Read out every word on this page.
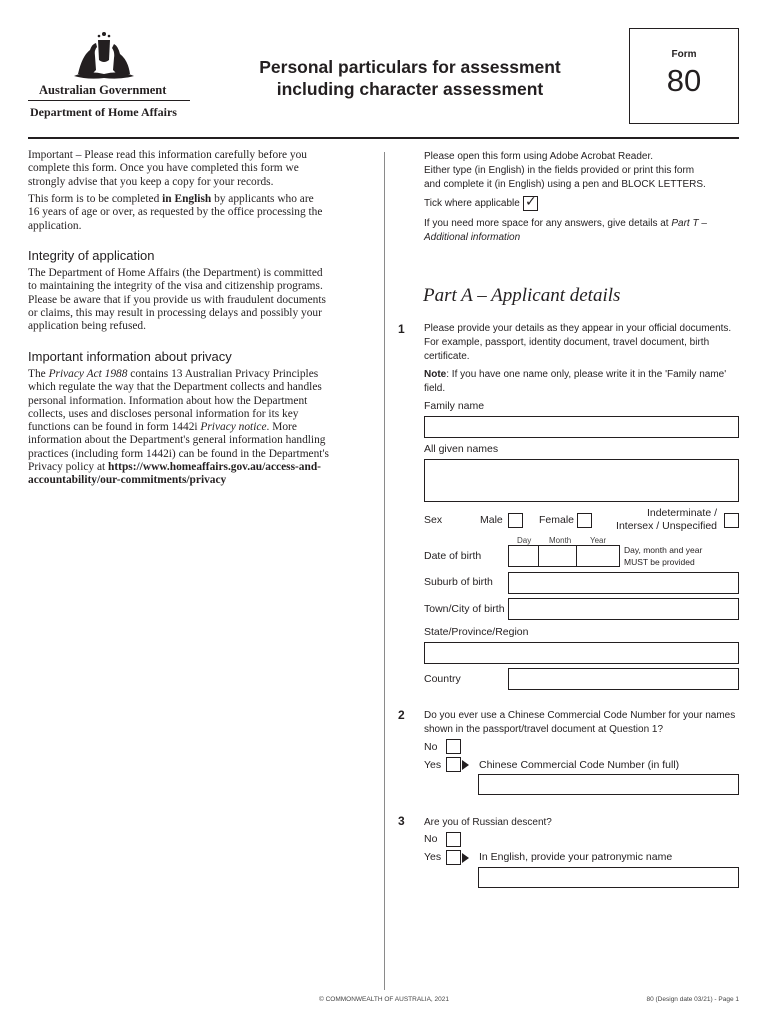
Australian Government
Department of Home Affairs
Personal particulars for assessment
including character assessment
Form
80
Important – Please read this information carefully before you
complete this form. Once you have completed this form we
strongly advise that you keep a copy for your records.
This form is to be completed in English by applicants who are
16 years of age or over, as requested by the office processing the
application.
Integrity of application
The Department of Home Affairs (the Department) is committed
to maintaining the integrity of the visa and citizenship programs.
Please be aware that if you provide us with fraudulent documents
or claims, this may result in processing delays and possibly your
application being refused.
Important information about privacy
The Privacy Act 1988 contains 13 Australian Privacy Principles
which regulate the way that the Department collects and handles
personal information. Information about how the Department
collects, uses and discloses personal information for its key
functions can be found in form 1442i Privacy notice. More
information about the Department's general information handling
practices (including form 1442i) can be found in the Department's
Privacy policy at https://www.homeaffairs.gov.au/access-and-
accountability/our-commitments/privacy
Please open this form using Adobe Acrobat Reader.
Either type (in English) in the fields provided or print this form
and complete it (in English) using a pen and BLOCK LETTERS.
Tick where applicable ✓
If you need more space for any answers, give details at Part T –
Additional information
Part A – Applicant details
1 Please provide your details as they appear in your official documents.
For example, passport, identity document, travel document, birth
certificate.
Note: If you have one name only, please write it in the 'Family name'
field.
Family name
All given names
Sex	Male	Female
Indeterminate /
Intersex / Unspecified
Day Month Year
Date of birth	Day, month and year
MUST be provided
Suburb of birth
Town/City of birth
State/Province/Region
Country
2 Do you ever use a Chinese Commercial Code Number for your names
shown in the passport/travel document at Question 1?
No
Yes	Chinese Commercial Code Number (in full)
3 Are you of Russian descent?
No
Yes	In English, provide your patronymic name
© COMMONWEALTH OF AUSTRALIA, 2021	80 (Design date 03/21) - Page 1
